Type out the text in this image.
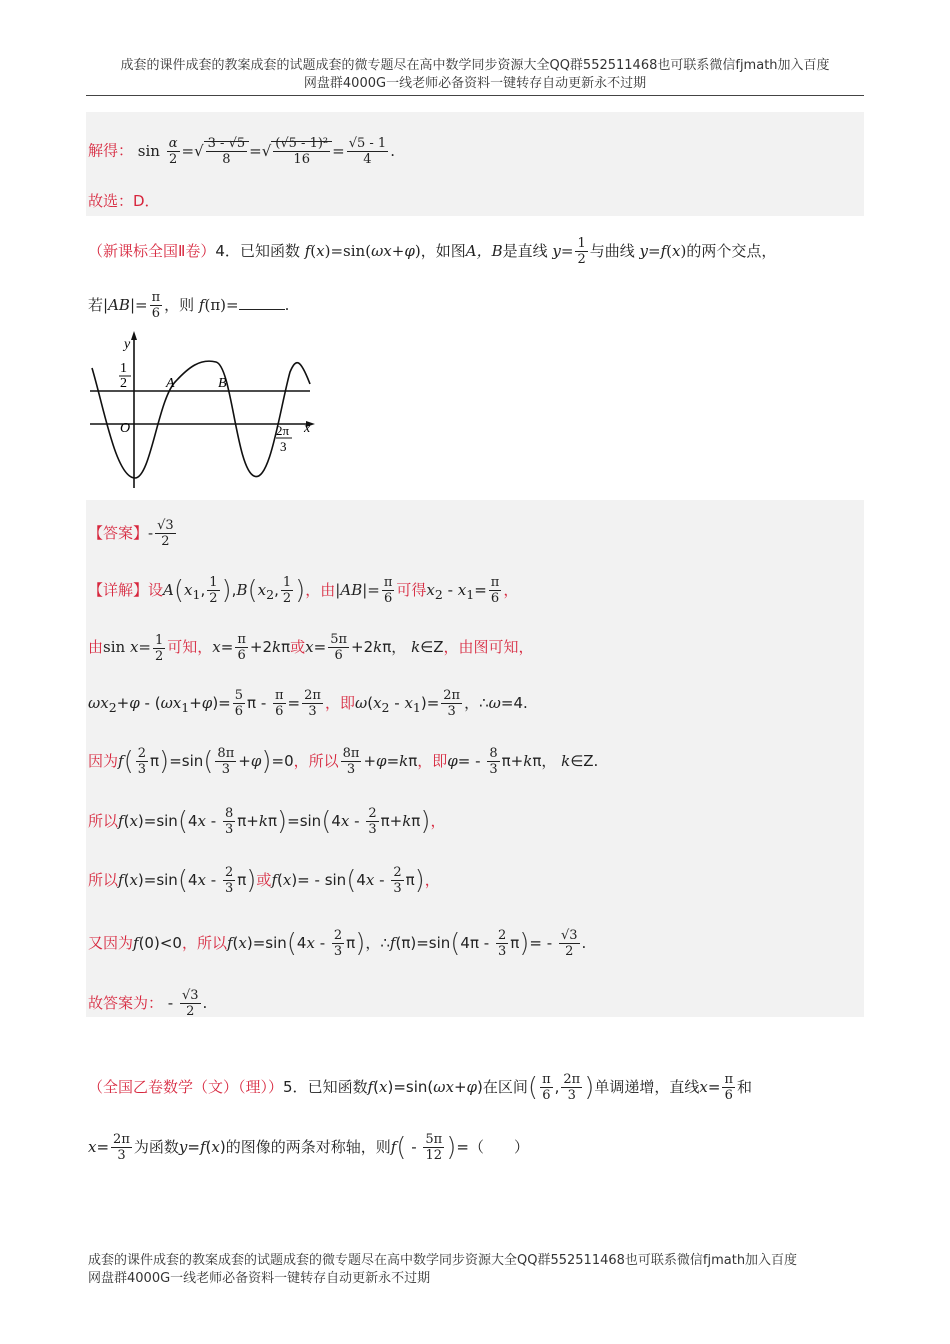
成套的课件成套的教案成套的试题成套的微专题尽在高中数学同步资源大全QQ群552511468也可联系微信fjmath加入百度
网盘群4000G一线老师必备资料一键转存自动更新永不过期
解得： $\sin \frac{\alpha}{2}$ =√ $\frac{3 - √5}{8}$ =√ $\frac{\text{(√5 - 1)²}}{16} = \frac{√5 - 1}{4}$ .
故选：D．
（新课标全国Ⅱ卷）4．已知函数 f(x)=sin(ωx+φ)，如图A，B是直线 $y= \frac{1}{2}$ 与曲线 y=f(x)的两个交点，
若$|AB|= \frac{\pi}{6}$ ，则 f(π)=	.
1
2
y
x
O
A	B
2π
3
【答案】- $\frac{√3}{2}$
【详解】设$A(x_1$, $\frac{1}{2} ),B(x_2$, $\frac{1}{2}$ )，由$|AB|= \frac{\pi}{6}$ 可得$x_2 - x_1= \frac{\pi}{6}$ ，
由$\sin x= \frac{1}{2}$ 可知，$x= \frac{\pi}{6} +2k\pi$或$x= \frac{5\pi}{6} +2k\pi$， k∈Z，由图可知，
$\omega x_2+\varphi - (\omega x_1+\varphi)= \frac{5}{6}$ $\pi - \frac{\pi}{6} = \frac{2\pi}{3}$ ，即$\omega(x_2 - x_1)= \frac{2\pi}{3}$ ，∴ω=4.
因为$f( \frac{2}{3} \pi)=\sin( \frac{8\pi}{3} +\varphi)=0$，所以 $\frac{8\pi}{3} +\varphi=k\pi$，即$\varphi= - \frac{8}{3} \pi+k\pi$， k∈Z.
所以$f(x)=\sin(4x - \frac{8}{3} \pi+k\pi)=\sin(4x - \frac{2}{3} \pi+k\pi)$，
所以$f(x)=\sin(4x - \frac{2}{3} \pi)$或$f(x)= - \sin(4x - \frac{2}{3} \pi)$，
又因为f(0)<0，所以$f(x)=\sin(4x - \frac{2}{3} \pi)$，∴f(π)=sin(4π - $\frac{2}{3} \pi)= - \frac{√3}{2}$ .
故答案为： - $\frac{√3}{2}$ .
（全国乙卷数学（文）（理））5．已知函数f(x)=sin(ωx+φ)在区间( $\frac{\pi}{6}$ , $\frac{2\pi}{3}$ )单调递增，直线$x= \frac{\pi}{6}$ 和
$x= \frac{2\pi}{3}$ 为函数y=f(x)的图像的两条对称轴，则$f( - \frac{5\pi}{12}$ )=（　　）
成套的课件成套的教案成套的试题成套的微专题尽在高中数学同步资源大全QQ群552511468也可联系微信fjmath加入百度
网盘群4000G一线老师必备资料一键转存自动更新永不过期
